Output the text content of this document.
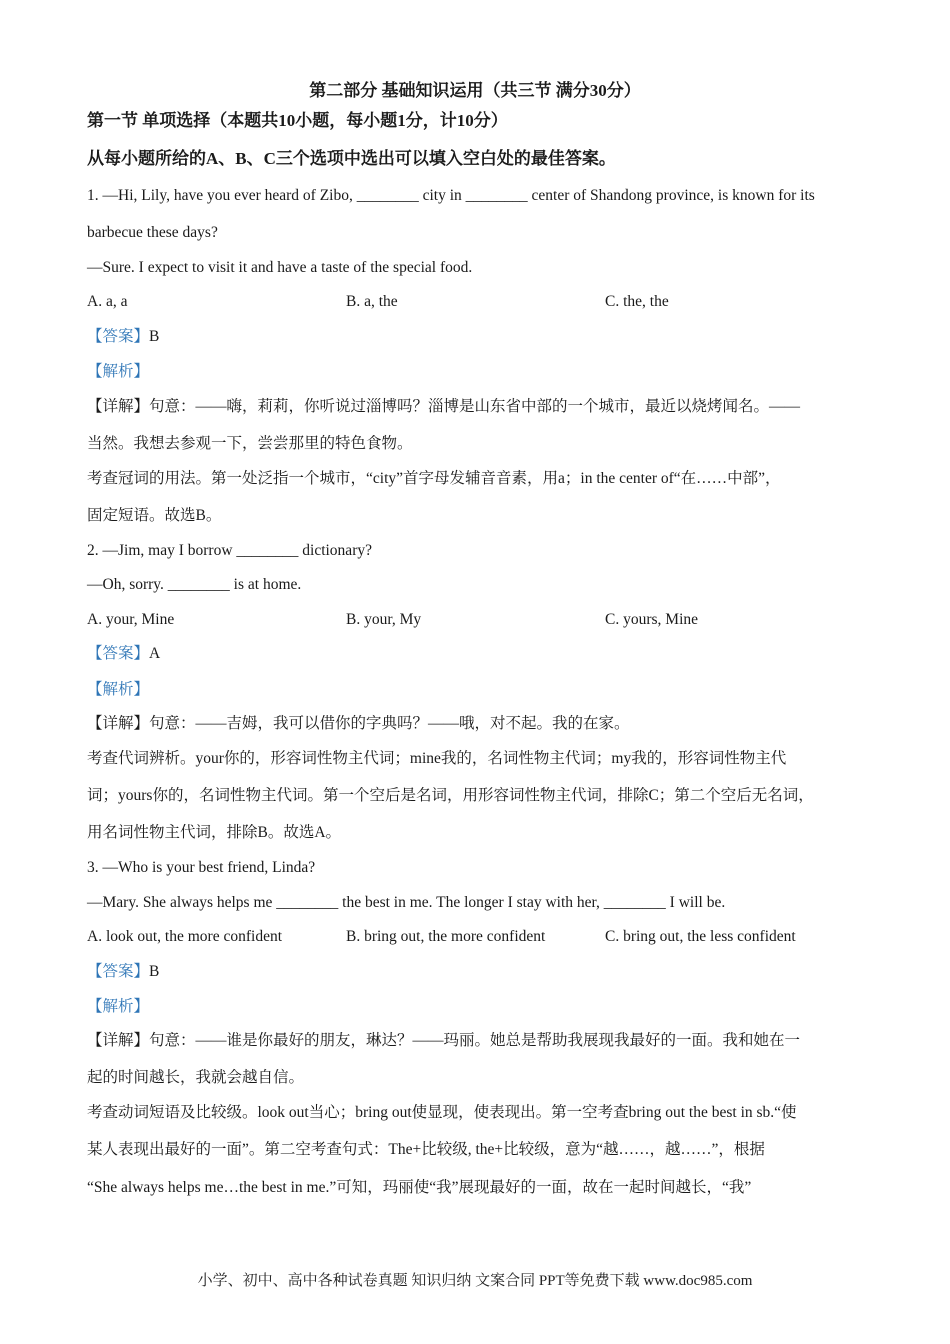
第二部分 基础知识运用（共三节 满分30分）
第一节 单项选择（本题共10小题，每小题1分，计10分）
从每小题所给的A、B、C三个选项中选出可以填入空白处的最佳答案。
1. —Hi, Lily, have you ever heard of Zibo, ________ city in ________ center of Shandong province, is known for its
barbecue these days?
—Sure. I expect to visit it and have a taste of the special food.
A. a, a	B. a, the	C. the, the
【答案】B
【解析】
【详解】句意：——嗨，莉莉，你听说过淄博吗？淄博是山东省中部的一个城市，最近以烧烤闻名。——
当然。我想去参观一下，尝尝那里的特色食物。
考查冠词的用法。第一处泛指一个城市，“city”首字母发辅音音素，用a；in the center of“在……中部”，
固定短语。故选B。
2. —Jim, may I borrow ________ dictionary?
—Oh, sorry. ________ is at home.
A. your, Mine	B. your, My	C. yours, Mine
【答案】A
【解析】
【详解】句意：——吉姆，我可以借你的字典吗？——哦，对不起。我的在家。
考查代词辨析。your你的，形容词性物主代词；mine我的，名词性物主代词；my我的，形容词性物主代
词；yours你的，名词性物主代词。第一个空后是名词，用形容词性物主代词，排除C；第二个空后无名词，
用名词性物主代词，排除B。故选A。
3. —Who is your best friend, Linda?
—Mary. She always helps me ________ the best in me. The longer I stay with her, ________ I will be.
A. look out, the more confident	B. bring out, the more confident	C. bring out, the less confident
【答案】B
【解析】
【详解】句意：——谁是你最好的朋友，琳达？——玛丽。她总是帮助我展现我最好的一面。我和她在一
起的时间越长，我就会越自信。
考查动词短语及比较级。look out当心；bring out使显现，使表现出。第一空考查bring out the best in sb.“使
某人表现出最好的一面”。第二空考查句式：The+比较级, the+比较级，意为“越……，越……”，根据
“She always helps me…the best in me.”可知，玛丽使“我”展现最好的一面，故在一起时间越长，“我”
小学、初中、高中各种试卷真题 知识归纳 文案合同 PPT等免费下载 www.doc985.com
